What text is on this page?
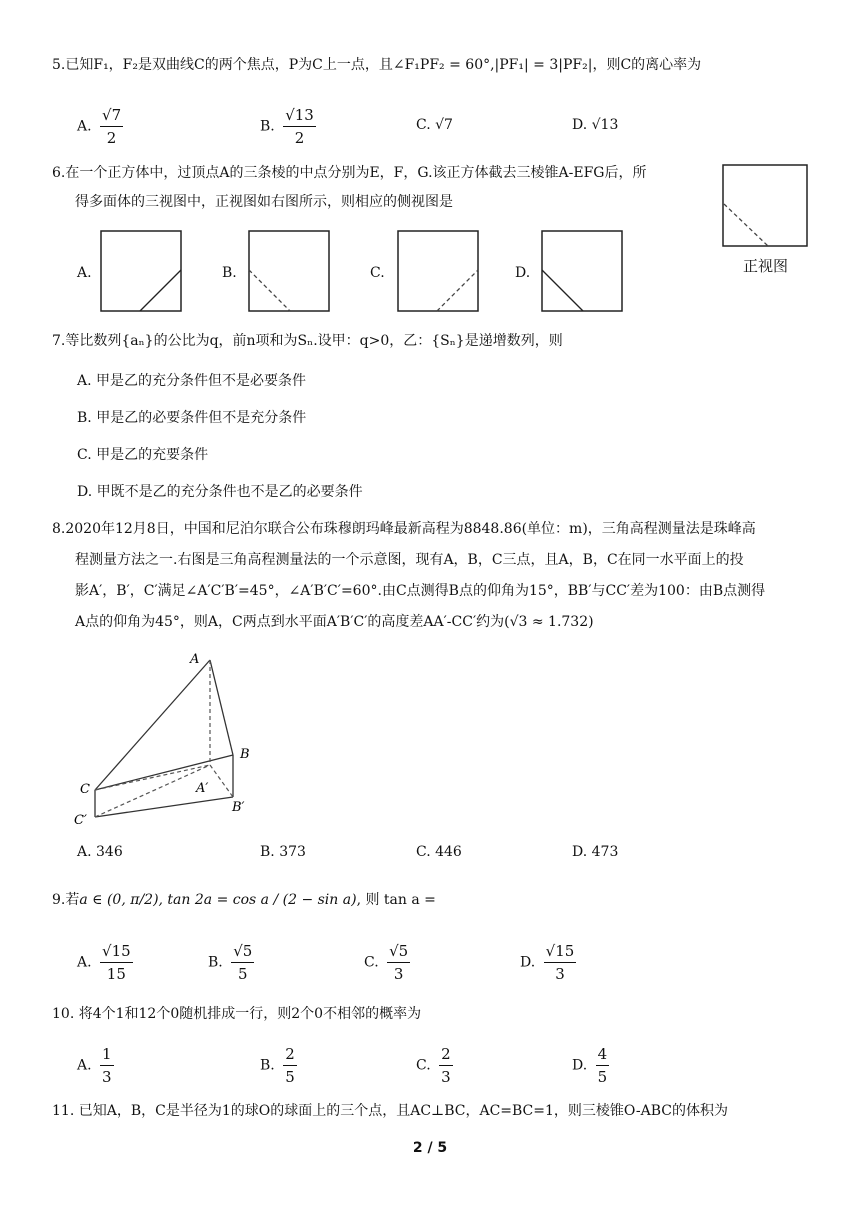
5.已知F₁，F₂是双曲线C的两个焦点，P为C上一点，且∠F₁PF₂ = 60°,|PF₁| = 3|PF₂|，则C的离心率为
A. $\frac{√7}{2}$	B. $\frac{√13}{2}$	C. √7	D. √13
6.在一个正方体中，过顶点A的三条棱的中点分别为E，F，G.该正方体截去三棱锥A-EFG后，所
得多面体的三视图中，正视图如右图所示，则相应的侧视图是
正视图
A.	B.	C.	D.
7.等比数列{aₙ}的公比为q，前n项和为Sₙ.设甲：q>0，乙：{Sₙ}是递增数列，则
A. 甲是乙的充分条件但不是必要条件
B. 甲是乙的必要条件但不是充分条件
C. 甲是乙的充要条件
D. 甲既不是乙的充分条件也不是乙的必要条件
8.2020年12月8日，中国和尼泊尔联合公布珠穆朗玛峰最新高程为8848.86(单位：m)，三角高程测量法是珠峰高
程测量方法之一.右图是三角高程测量法的一个示意图，现有A，B，C三点，且A，B，C在同一水平面上的投
影A′，B′，C′满足∠A′C′B′=45°，∠A′B′C′=60°.由C点测得B点的仰角为15°，BB′与CC′差为100：由B点测得
A点的仰角为45°，则A，C两点到水平面A′B′C′的高度差AA′-CC′约为(√3 ≈ 1.732)
A
B
C	A′
B′
C′
A. 346	B. 373	C. 446	D. 473
9.若a ∈ (0, π/2), tan 2a = cos a / (2 − sin a), 则 tan a =
A. $\frac{√15}{15}$	B. $\frac{√5}{5}$	C. $\frac{√5}{3}$	D. $\frac{√15}{3}$
10. 将4个1和12个0随机排成一行，则2个0不相邻的概率为
A. $\frac{1}{3}$	B. $\frac{2}{5}$	C. $\frac{2}{3}$	D. $\frac{4}{5}$
11. 已知A，B，C是半径为1的球O的球面上的三个点，且AC⊥BC，AC=BC=1，则三棱锥O-ABC的体积为
2 / 5
